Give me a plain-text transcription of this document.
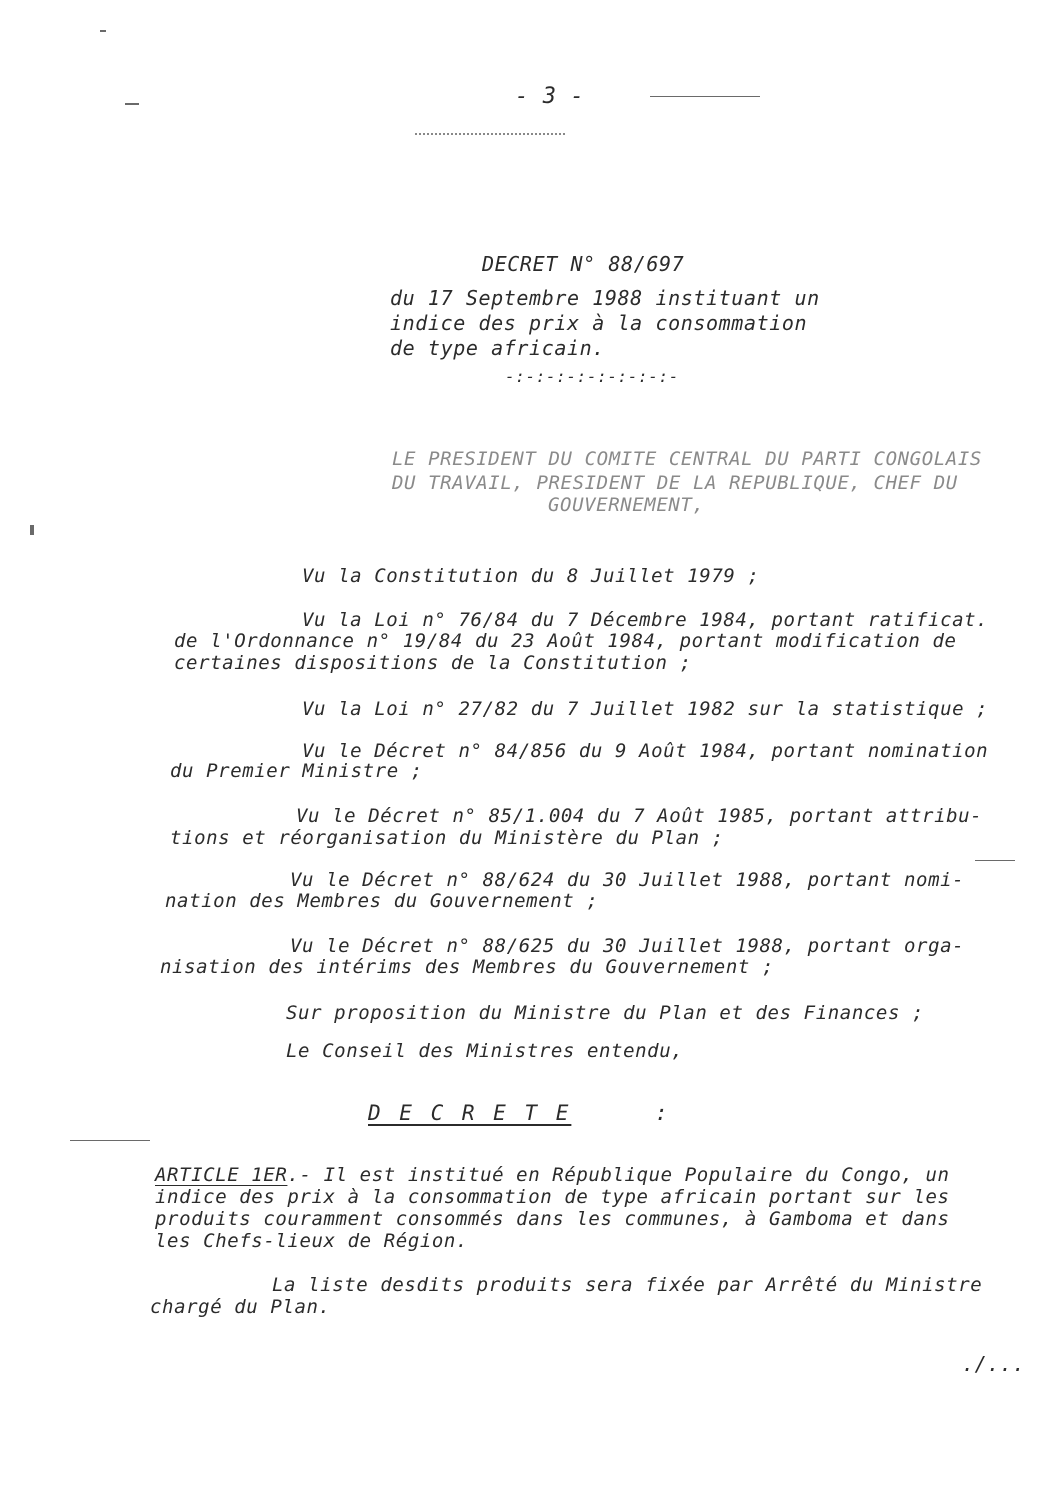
- 3 -
DECRET N° 88/697
du 17 Septembre 1988 instituant un
indice des prix à la consommation
de type africain.
-:-:-:-:-:-:-:-:-
LE PRESIDENT DU COMITE CENTRAL DU PARTI CONGOLAIS
DU TRAVAIL, PRESIDENT DE LA REPUBLIQUE, CHEF DU
GOUVERNEMENT,
Vu la Constitution du 8 Juillet 1979 ;
Vu la Loi n° 76/84 du 7 Décembre 1984, portant ratificat.
de l'Ordonnance n° 19/84 du 23 Août 1984, portant modification de
certaines dispositions de la Constitution ;
Vu la Loi n° 27/82 du 7 Juillet 1982 sur la statistique ;
Vu le Décret n° 84/856 du 9 Août 1984, portant nomination
du Premier Ministre ;
Vu le Décret n° 85/1.004 du 7 Août 1985, portant attribu-
tions et réorganisation du Ministère du Plan ;
Vu le Décret n° 88/624 du 30 Juillet 1988, portant nomi-
nation des Membres du Gouvernement ;
Vu le Décret n° 88/625 du 30 Juillet 1988, portant orga-
nisation des intérims des Membres du Gouvernement ;
Sur proposition du Ministre du Plan et des Finances ;
Le Conseil des Ministres entendu,
D E C R E T E	:
ARTICLE 1ER.- Il est institué en République Populaire du Congo, un
indice des prix à la consommation de type africain portant sur les
produits couramment consommés dans les communes, à Gamboma et dans
les Chefs-lieux de Région.
La liste desdits produits sera fixée par Arrêté du Ministre
chargé du Plan.
./...
